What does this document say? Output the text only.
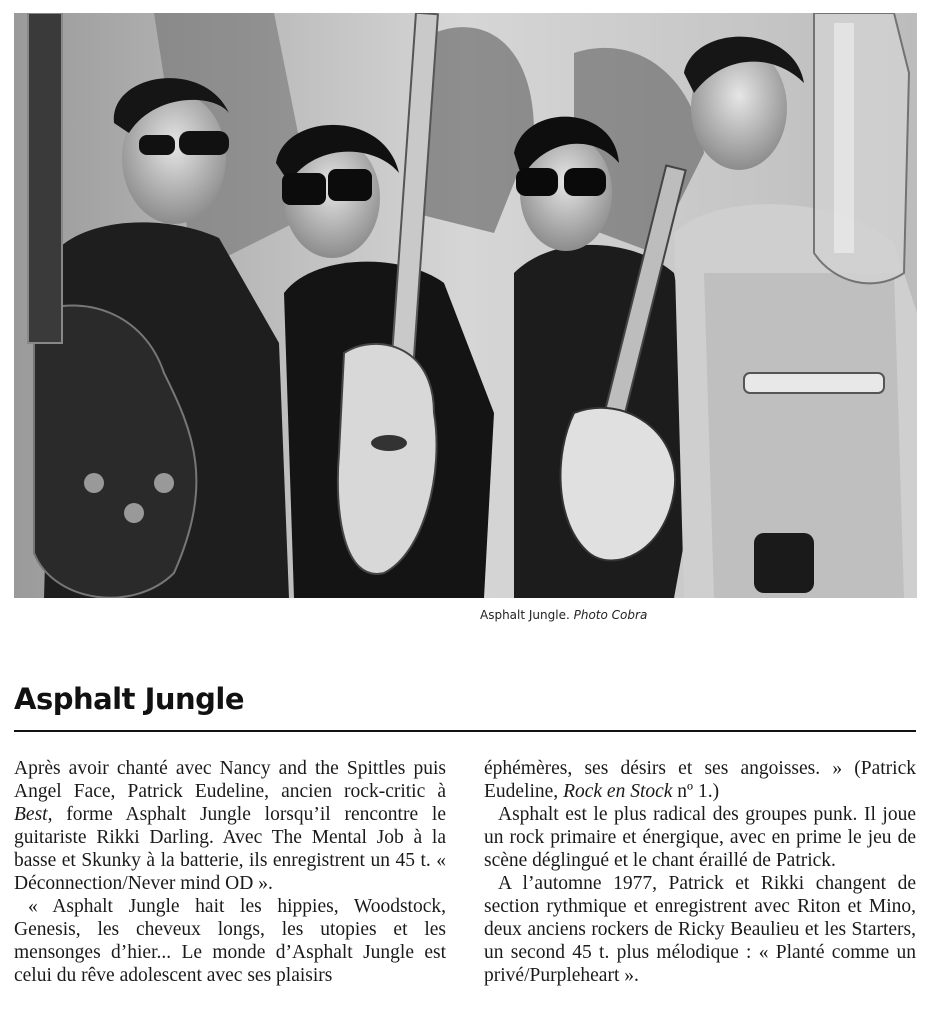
Asphalt Jungle. Photo Cobra
Asphalt Jungle

Après avoir chanté avec Nancy and the Spittles puis Angel Face, Patrick Eudeline, ancien rock-critic à Best, forme Asphalt Jungle lorsqu’il rencontre le guitariste Rikki Darling. Avec The Mental Job à la basse et Skunky à la batterie, ils enregistrent un 45 t. « Déconnection/Never mind OD ».

« Asphalt Jungle hait les hippies, Woodstock, Genesis, les cheveux longs, les utopies et les mensonges d’hier... Le monde d’Asphalt Jungle est celui du rêve adolescent avec ses plaisirs

éphémères, ses désirs et ses angoisses. » (Patrick Eudeline, Rock en Stock nº 1.)

Asphalt est le plus radical des groupes punk. Il joue un rock primaire et énergique, avec en prime le jeu de scène déglingué et le chant éraillé de Patrick.

A l’automne 1977, Patrick et Rikki changent de section rythmique et enregistrent avec Riton et Mino, deux anciens rockers de Ricky Beaulieu et les Starters, un second 45 t. plus mélodique : « Planté comme un privé/Purpleheart ».
